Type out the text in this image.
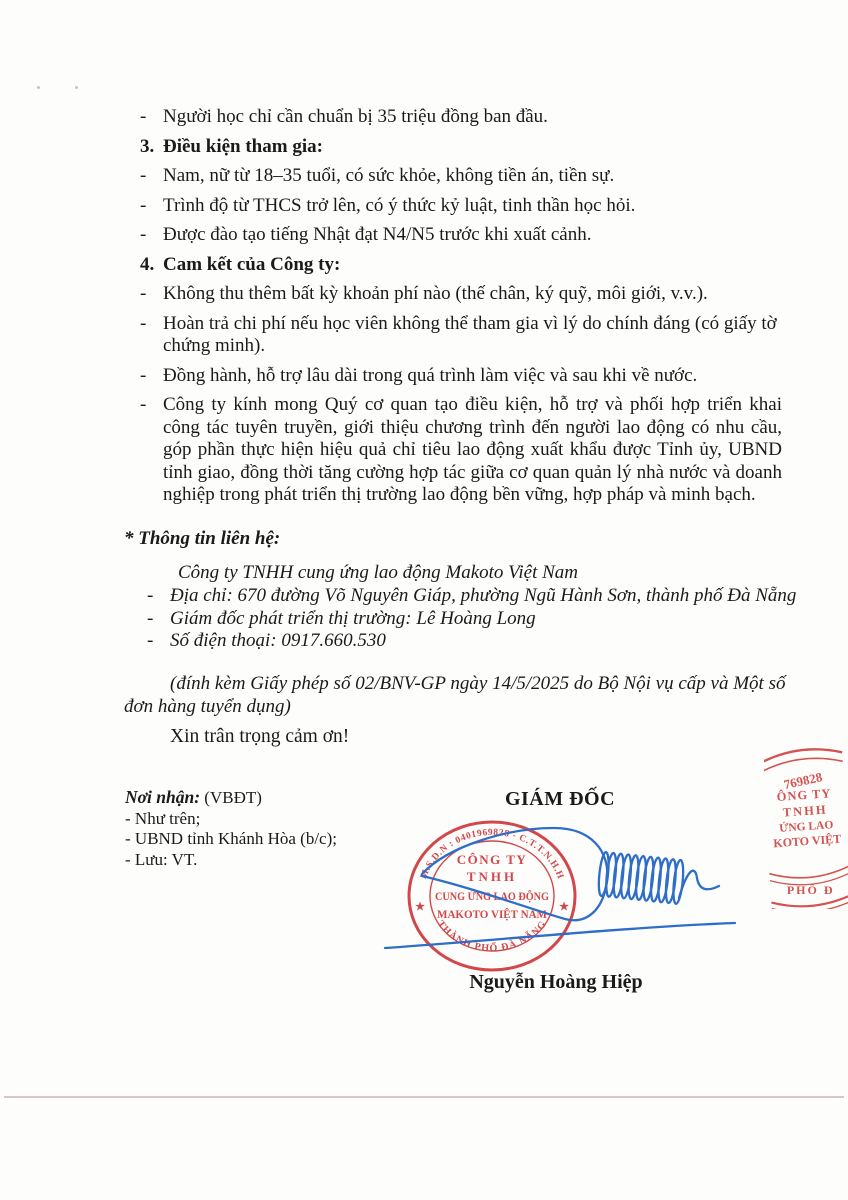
- Người học chỉ cần chuẩn bị 35 triệu đồng ban đầu.
3. Điều kiện tham gia:
- Nam, nữ từ 18–35 tuổi, có sức khỏe, không tiền án, tiền sự.
- Trình độ từ THCS trở lên, có ý thức kỷ luật, tinh thần học hỏi.
- Được đào tạo tiếng Nhật đạt N4/N5 trước khi xuất cảnh.
4. Cam kết của Công ty:
- Không thu thêm bất kỳ khoản phí nào (thế chân, ký quỹ, môi giới, v.v.).
- Hoàn trả chi phí nếu học viên không thể tham gia vì lý do chính đáng (có giấy tờ chứng minh).
- Đồng hành, hỗ trợ lâu dài trong quá trình làm việc và sau khi về nước.
- Công ty kính mong Quý cơ quan tạo điều kiện, hỗ trợ và phối hợp triển khai công tác tuyên truyền, giới thiệu chương trình đến người lao động có nhu cầu, góp phần thực hiện hiệu quả chỉ tiêu lao động xuất khẩu được Tỉnh ủy, UBND tỉnh giao, đồng thời tăng cường hợp tác giữa cơ quan quản lý nhà nước và doanh nghiệp trong phát triển thị trường lao động bền vững, hợp pháp và minh bạch.
* Thông tin liên hệ:
Công ty TNHH cung ứng lao động Makoto Việt Nam
- Địa chỉ: 670 đường Võ Nguyên Giáp, phường Ngũ Hành Sơn, thành phố Đà Nẵng
- Giám đốc phát triển thị trường: Lê Hoàng Long
- Số điện thoại: 0917.660.530
(đính kèm Giấy phép số 02/BNV-GP ngày 14/5/2025 do Bộ Nội vụ cấp và Một số đơn hàng tuyển dụng)
Xin trân trọng cảm ơn!
Nơi nhận: (VBĐT)
- Như trên;
- UBND tỉnh Khánh Hòa (b/c);
- Lưu: VT.
GIÁM ĐỐC
M.S.D.N : 0401969828 - C.T.T.N.H.H
THÀNH PHỐ ĐÀ NẴNG
★	★
CÔNG TY
TNHH
CUNG ỨNG LAO ĐỘNG
MAKOTO VIỆT NAM
Nguyễn Hoàng Hiệp
769828
ÔNG TY
TNHH
ỨNG LAO
KOTO VIỆT
PHỐ Đ
